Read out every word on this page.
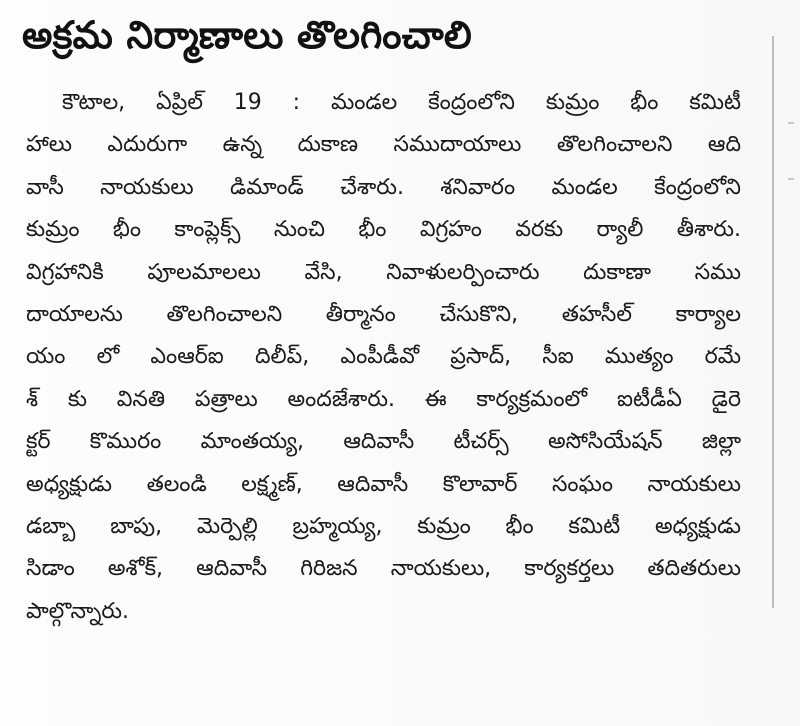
అక్రమ నిర్మాణాలు తొలగించాలి
కౌటాల, ఏప్రిల్ 19 : మండల కేంద్రంలోని కుమ్రం భీం కమిటీ
హాలు ఎదురుగా ఉన్న దుకాణ సముదాయాలు తొలగించాలని ఆది
వాసీ నాయకులు డిమాండ్ చేశారు. శనివారం మండల కేంద్రంలోని
కుమ్రం భీం కాంప్లెక్స్ నుంచి భీం విగ్రహం వరకు ర్యాలీ తీశారు.
విగ్రహానికి పూలమాలలు వేసి, నివాళులర్పించారు దుకాణా సము
దాయాలను తొలగించాలని తీర్మానం చేసుకొని, తహసీల్ కార్యాల
యం లో ఎంఆర్ఐ దిలీప్, ఎంపీడీవో ప్రసాద్, సీఐ ముత్యం రమే
శ్ కు వినతి పత్రాలు అందజేశారు. ఈ కార్యక్రమంలో ఐటీడీఏ డైరె
క్టర్ కొమురం మాంతయ్య, ఆదివాసీ టీచర్స్ అసోసియేషన్ జిల్లా
అధ్యక్షుడు తలండి లక్ష్మణ్, ఆదివాసీ కొలావార్ సంఘం నాయకులు
డబ్బా బాపు, మెర్పెల్లి బ్రహ్మయ్య, కుమ్రం భీం కమిటీ అధ్యక్షుడు
సిడాం అశోక్, ఆదివాసీ గిరిజన నాయకులు, కార్యకర్తలు తదితరులు
పాల్గొన్నారు.
